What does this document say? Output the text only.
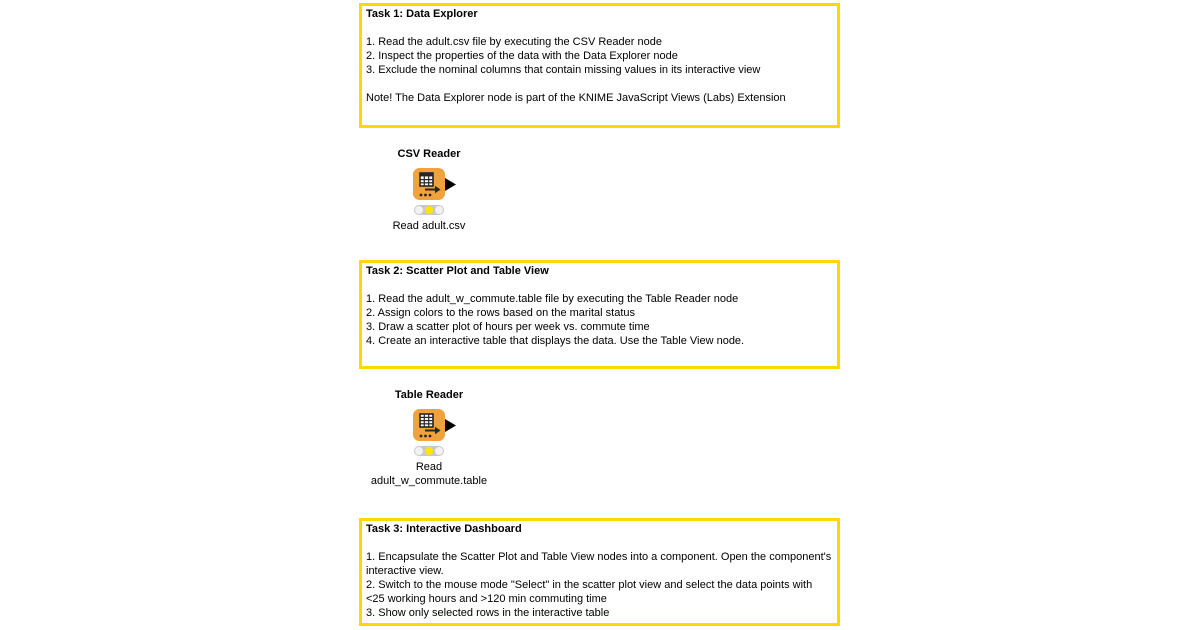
Task 1: Data Explorer
1. Read the adult.csv file by executing the CSV Reader node
2. Inspect the properties of the data with the Data Explorer node
3. Exclude the nominal columns that contain missing values in its interactive view
Note! The Data Explorer node is part of the KNIME JavaScript Views (Labs) Extension
CSV Reader
Read adult.csv
Task 2: Scatter Plot and Table View
1. Read the adult_w_commute.table file by executing the Table Reader node
2. Assign colors to the rows based on the marital status
3. Draw a scatter plot of hours per week vs. commute time
4. Create an interactive table that displays the data. Use the Table View node.
Table Reader
Read
adult_w_commute.table
Task 3: Interactive Dashboard
1. Encapsulate the Scatter Plot and Table View nodes into a component. Open the component's interactive view.
2. Switch to the mouse mode "Select" in the scatter plot view and select the data points with <25 working hours and >120 min commuting time
3. Show only selected rows in the interactive table
